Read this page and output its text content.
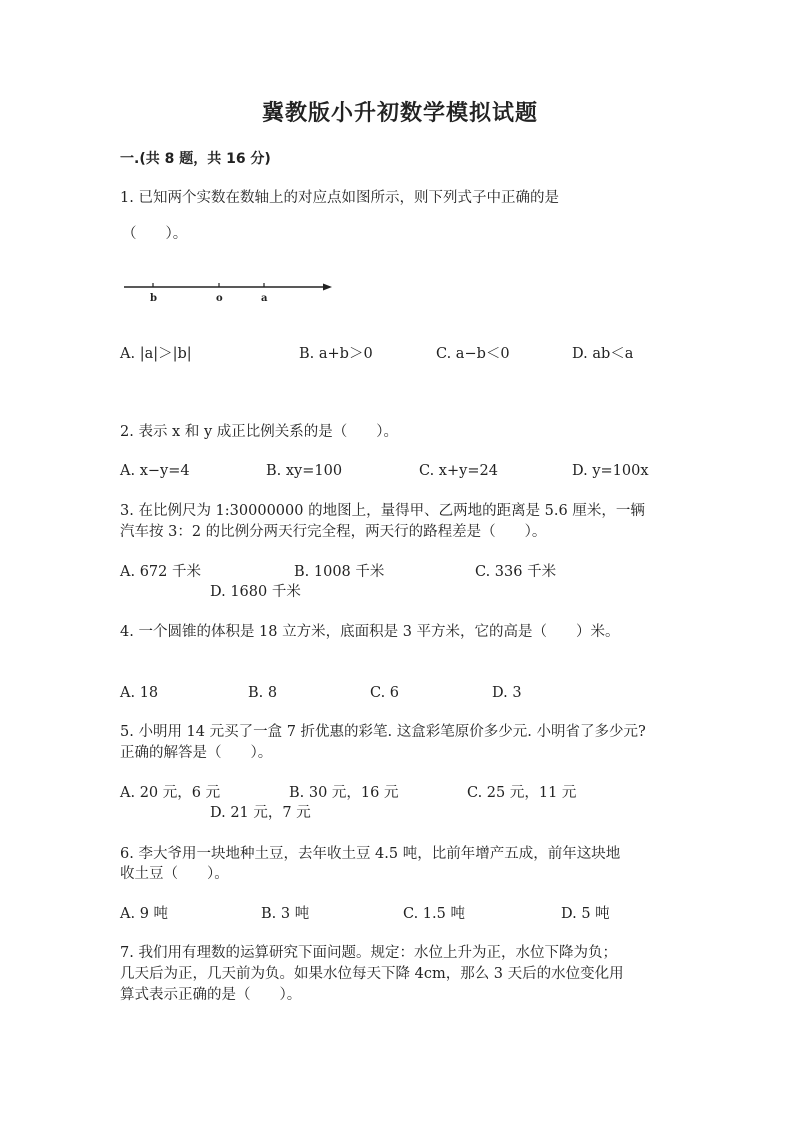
冀教版小升初数学模拟试题
一.(共 8 题，共 16 分)
1. 已知两个实数在数轴上的对应点如图所示，则下列式子中正确的是
（　　）。
b	o	a
A. |a|＞|b|	B. a+b＞0	C. a−b＜0	D. ab＜a
2. 表示 x 和 y 成正比例关系的是（　　）。
A. x−y=4	B. xy=100	C. x+y=24	D. y=100x
3. 在比例尺为 1:30000000 的地图上，量得甲、乙两地的距离是 5.6 厘米，一辆
汽车按 3：2 的比例分两天行完全程，两天行的路程差是（　　）。
A. 672 千米	B. 1008 千米	C. 336 千米
D. 1680 千米
4. 一个圆锥的体积是 18 立方米，底面积是 3 平方米，它的高是（　　）米。
A. 18	B. 8	C. 6	D. 3
5. 小明用 14 元买了一盒 7 折优惠的彩笔. 这盒彩笔原价多少元. 小明省了多少元?
正确的解答是（　　）。
A. 20 元，6 元	B. 30 元，16 元	C. 25 元，11 元
D. 21 元，7 元
6. 李大爷用一块地种土豆，去年收土豆 4.5 吨，比前年增产五成，前年这块地
收土豆（　　）。
A. 9 吨	B. 3 吨	C. 1.5 吨	D. 5 吨
7. 我们用有理数的运算研究下面问题。规定：水位上升为正，水位下降为负；
几天后为正，几天前为负。如果水位每天下降 4cm，那么 3 天后的水位变化用
算式表示正确的是（　　）。
